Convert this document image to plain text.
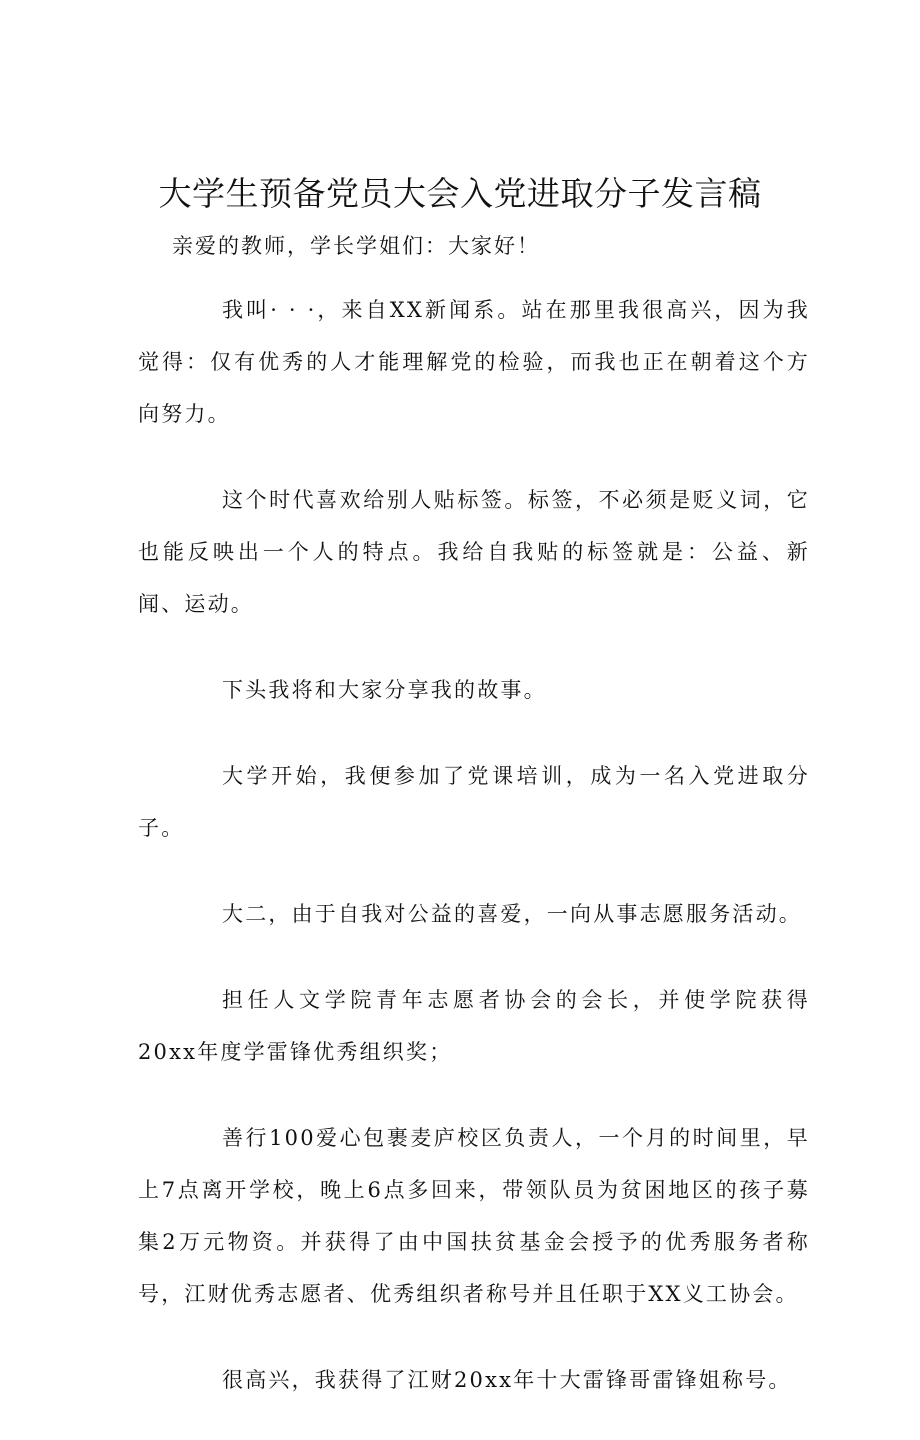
大学生预备党员大会入党进取分子发言稿

亲爱的教师，学长学姐们：大家好！

我叫· · ·，来自XX新闻系。站在那里我很高兴，因为我觉得：仅有优秀的人才能理解党的检验，而我也正在朝着这个方向努力。

这个时代喜欢给别人贴标签。标签，不必须是贬义词，它也能反映出一个人的特点。我给自我贴的标签就是：公益、新闻、运动。

下头我将和大家分享我的故事。

大学开始，我便参加了党课培训，成为一名入党进取分子。

大二，由于自我对公益的喜爱，一向从事志愿服务活动。

担任人文学院青年志愿者协会的会长，并使学院获得20xx年度学雷锋优秀组织奖；

善行100爱心包裹麦庐校区负责人，一个月的时间里，早上7点离开学校，晚上6点多回来，带领队员为贫困地区的孩子募集2万元物资。并获得了由中国扶贫基金会授予的优秀服务者称号，江财优秀志愿者、优秀组织者称号并且任职于XX义工协会。

很高兴，我获得了江财20xx年十大雷锋哥雷锋姐称号。
